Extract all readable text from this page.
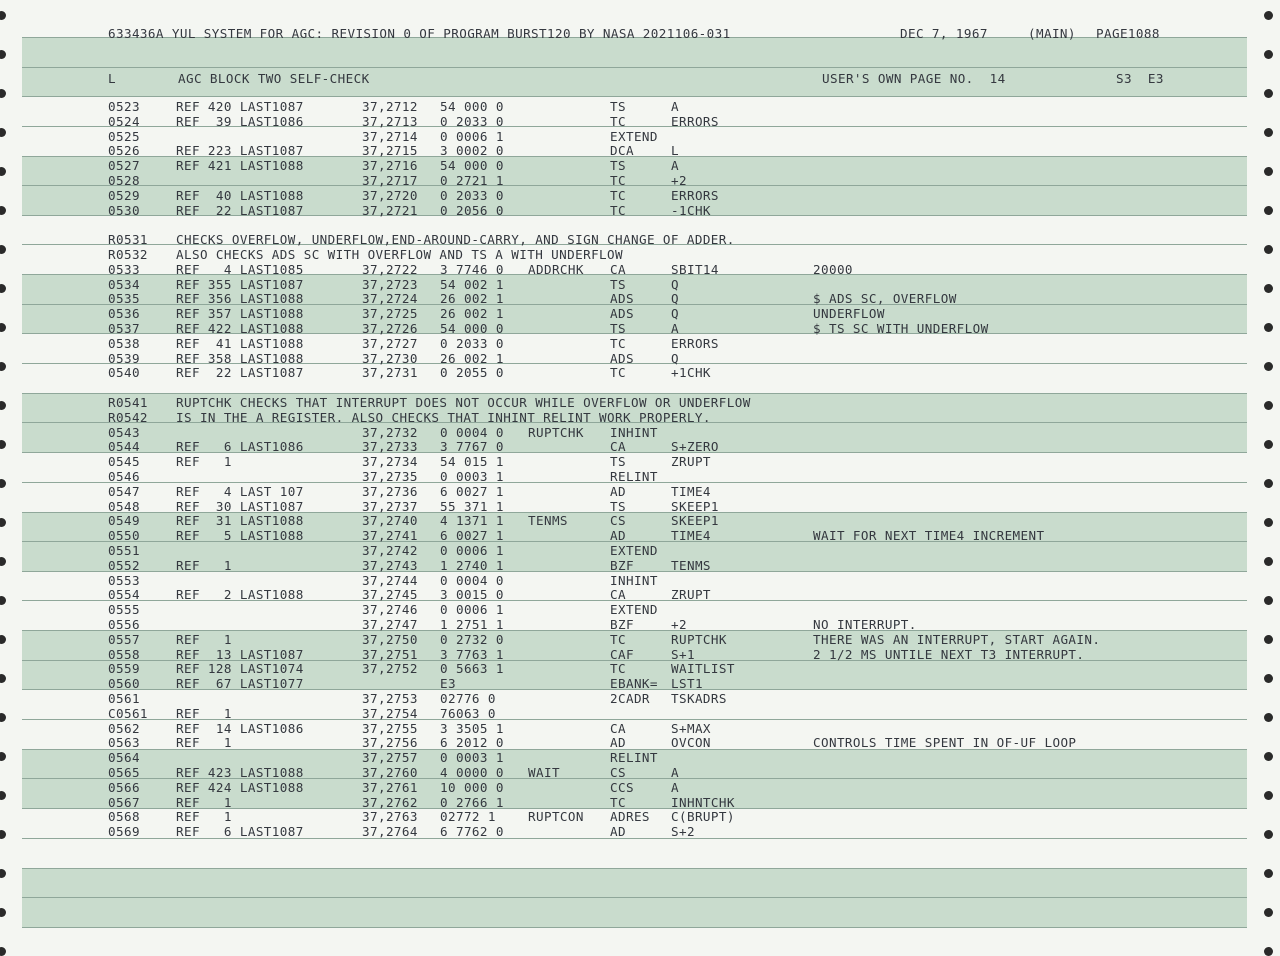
633436A YUL SYSTEM FOR AGC: REVISION 0 OF PROGRAM BURST120 BY NASA 2021106-031	DEC 7, 1967	(MAIN) PAGE1088
L	AGC BLOCK TWO SELF-CHECK	USER'S OWN PAGE NO.  14	S3  E3
0523	REF 420 LAST1087	37,2712 54 000 0	TS	A
0524	REF  39 LAST1086	37,2713 0 2033 0	TC	ERRORS
0525	37,2714 0 0006 1	EXTEND
0526	REF 223 LAST1087	37,2715 3 0002 0	DCA	L
0527	REF 421 LAST1088	37,2716 54 000 0	TS	A
0528	37,2717 0 2721 1	TC	+2
0529	REF  40 LAST1088	37,2720 0 2033 0	TC	ERRORS
0530	REF  22 LAST1087	37,2721 0 2056 0	TC	-1CHK
R0531 CHECKS OVERFLOW, UNDERFLOW,END-AROUND-CARRY, AND SIGN CHANGE OF ADDER.
R0532 ALSO CHECKS ADS SC WITH OVERFLOW AND TS A WITH UNDERFLOW
0533	REF   4 LAST1085	37,2722 3 7746 0 ADDRCHK CA	SBIT14	20000
0534	REF 355 LAST1087	37,2723 54 002 1	TS	Q
0535	REF 356 LAST1088	37,2724 26 002 1	ADS	Q	$ ADS SC, OVERFLOW
0536	REF 357 LAST1088	37,2725 26 002 1	ADS	Q	UNDERFLOW
0537	REF 422 LAST1088	37,2726 54 000 0	TS	A	$ TS SC WITH UNDERFLOW
0538	REF  41 LAST1088	37,2727 0 2033 0	TC	ERRORS
0539	REF 358 LAST1088	37,2730 26 002 1	ADS	Q
0540	REF  22 LAST1087	37,2731 0 2055 0	TC	+1CHK
R0541 RUPTCHK CHECKS THAT INTERRUPT DOES NOT OCCUR WHILE OVERFLOW OR UNDERFLOW
R0542 IS IN THE A REGISTER. ALSO CHECKS THAT INHINT RELINT WORK PROPERLY.
0543	37,2732 0 0004 0 RUPTCHK INHINT
0544	REF   6 LAST1086	37,2733 3 7767 0	CA	S+ZERO
0545	REF   1	37,2734 54 015 1	TS	ZRUPT
0546	37,2735 0 0003 1	RELINT
0547	REF   4 LAST 107	37,2736 6 0027 1	AD	TIME4
0548	REF  30 LAST1087	37,2737 55 371 1	TS	SKEEP1
0549	REF  31 LAST1088	37,2740 4 1371 1 TENMS	CS	SKEEP1
0550	REF   5 LAST1088	37,2741 6 0027 1	AD	TIME4	WAIT FOR NEXT TIME4 INCREMENT
0551	37,2742 0 0006 1	EXTEND
0552	REF   1	37,2743 1 2740 1	BZF	TENMS
0553	37,2744 0 0004 0	INHINT
0554	REF   2 LAST1088	37,2745 3 0015 0	CA	ZRUPT
0555	37,2746 0 0006 1	EXTEND
0556	37,2747 1 2751 1	BZF	+2	NO INTERRUPT.
0557	REF   1	37,2750 0 2732 0	TC	RUPTCHK	THERE WAS AN INTERRUPT, START AGAIN.
0558	REF  13 LAST1087	37,2751 3 7763 1	CAF	S+1	2 1/2 MS UNTILE NEXT T3 INTERRUPT.
0559	REF 128 LAST1074	37,2752 0 5663 1	TC	WAITLIST
0560	REF  67 LAST1077	E3	EBANK= LST1
0561	37,2753 02776 0	2CADR TSKADRS
C0561 REF   1	37,2754 76063 0
0562	REF  14 LAST1086	37,2755 3 3505 1	CA	S+MAX
0563	REF   1	37,2756 6 2012 0	AD	OVCON	CONTROLS TIME SPENT IN OF-UF LOOP
0564	37,2757 0 0003 1	RELINT
0565	REF 423 LAST1088	37,2760 4 0000 0 WAIT	CS	A
0566	REF 424 LAST1088	37,2761 10 000 0	CCS	A
0567	REF   1	37,2762 0 2766 1	TC	INHNTCHK
0568	REF   1	37,2763 02772 1	RUPTCON ADRES C(BRUPT)
0569	REF   6 LAST1087	37,2764 6 7762 0	AD	S+2
